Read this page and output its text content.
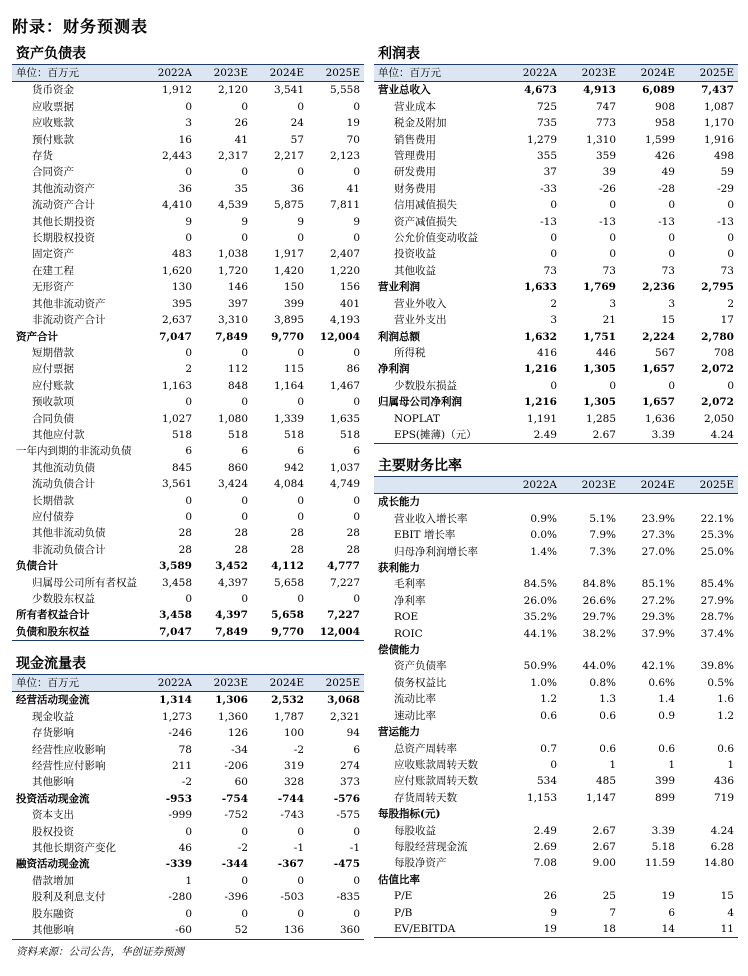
附录：财务预测表
资产负债表
单位：百万元	2022A	2023E	2024E	2025E
货币资金	1,912	2,120	3,541	5,558
应收票据	0	0	0	0
应收账款	3	26	24	19
预付账款	16	41	57	70
存货	2,443	2,317	2,217	2,123
合同资产	0	0	0	0
其他流动资产	36	35	36	41
流动资产合计	4,410	4,539	5,875	7,811
其他长期投资	9	9	9	9
长期股权投资	0	0	0	0
固定资产	483	1,038	1,917	2,407
在建工程	1,620	1,720	1,420	1,220
无形资产	130	146	150	156
其他非流动资产	395	397	399	401
非流动资产合计	2,637	3,310	3,895	4,193
资产合计	7,047	7,849	9,770	12,004
短期借款	0	0	0	0
应付票据	2	112	115	86
应付账款	1,163	848	1,164	1,467
预收款项	0	0	0	0
合同负债	1,027	1,080	1,339	1,635
其他应付款	518	518	518	518
一年内到期的非流动负债	6	6	6	6
其他流动负债	845	860	942	1,037
流动负债合计	3,561	3,424	4,084	4,749
长期借款	0	0	0	0
应付债券	0	0	0	0
其他非流动负债	28	28	28	28
非流动负债合计	28	28	28	28
负债合计	3,589	3,452	4,112	4,777
归属母公司所有者权益	3,458	4,397	5,658	7,227
少数股东权益	0	0	0	0
所有者权益合计	3,458	4,397	5,658	7,227
负债和股东权益	7,047	7,849	9,770	12,004
现金流量表
单位：百万元	2022A	2023E	2024E	2025E
经营活动现金流	1,314	1,306	2,532	3,068
现金收益	1,273	1,360	1,787	2,321
存货影响	-246	126	100	94
经营性应收影响	78	-34	-2	6
经营性应付影响	211	-206	319	274
其他影响	-2	60	328	373
投资活动现金流	-953	-754	-744	-576
资本支出	-999	-752	-743	-575
股权投资	0	0	0	0
其他长期资产变化	46	-2	-1	-1
融资活动现金流	-339	-344	-367	-475
借款增加	1	0	0	0
股利及利息支付	-280	-396	-503	-835
股东融资	0	0	0	0
其他影响	-60	52	136	360
利润表
单位：百万元	2022A	2023E	2024E	2025E
营业总收入	4,673	4,913	6,089	7,437
营业成本	725	747	908	1,087
税金及附加	735	773	958	1,170
销售费用	1,279	1,310	1,599	1,916
管理费用	355	359	426	498
研发费用	37	39	49	59
财务费用	-33	-26	-28	-29
信用减值损失	0	0	0	0
资产减值损失	-13	-13	-13	-13
公允价值变动收益	0	0	0	0
投资收益	0	0	0	0
其他收益	73	73	73	73
营业利润	1,633	1,769	2,236	2,795
营业外收入	2	3	3	2
营业外支出	3	21	15	17
利润总额	1,632	1,751	2,224	2,780
所得税	416	446	567	708
净利润	1,216	1,305	1,657	2,072
少数股东损益	0	0	0	0
归属母公司净利润	1,216	1,305	1,657	2,072
NOPLAT	1,191	1,285	1,636	2,050
EPS(摊薄)（元）	2.49	2.67	3.39	4.24
主要财务比率
	2022A	2023E	2024E	2025E
成长能力				
营业收入增长率	0.9%	5.1%	23.9%	22.1%
EBIT 增长率	0.0%	7.9%	27.3%	25.3%
归母净利润增长率	1.4%	7.3%	27.0%	25.0%
获利能力				
毛利率	84.5%	84.8%	85.1%	85.4%
净利率	26.0%	26.6%	27.2%	27.9%
ROE	35.2%	29.7%	29.3%	28.7%
ROIC	44.1%	38.2%	37.9%	37.4%
偿债能力				
资产负债率	50.9%	44.0%	42.1%	39.8%
债务权益比	1.0%	0.8%	0.6%	0.5%
流动比率	1.2	1.3	1.4	1.6
速动比率	0.6	0.6	0.9	1.2
营运能力				
总资产周转率	0.7	0.6	0.6	0.6
应收账款周转天数	0	1	1	1
应付账款周转天数	534	485	399	436
存货周转天数	1,153	1,147	899	719
每股指标(元)				
每股收益	2.49	2.67	3.39	4.24
每股经营现金流	2.69	2.67	5.18	6.28
每股净资产	7.08	9.00	11.59	14.80
估值比率				
P/E	26	25	19	15
P/B	9	7	6	4
EV/EBITDA	19	18	14	11
资料来源：公司公告，华创证券预测
